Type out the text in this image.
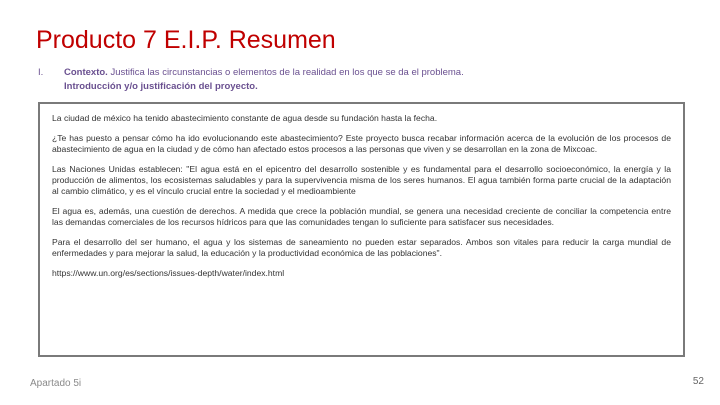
Producto 7 E.I.P. Resumen
I. Contexto. Justifica las circunstancias o elementos de la realidad en los que se da el problema.
Introducción y/o justificación del proyecto.

La ciudad de méxico ha tenido abastecimiento constante de agua desde su fundación hasta la fecha.

¿Te has puesto a pensar cómo ha ido evolucionando este abastecimiento? Este proyecto busca recabar información acerca de la evolución de los procesos de abastecimiento de agua en la ciudad y de cómo han afectado estos procesos a las personas que viven y se desarrollan en la zona de Mixcoac.

Las Naciones Unidas establecen: "El agua está en el epicentro del desarrollo sostenible y es fundamental para el desarrollo socioeconómico, la energía y la producción de alimentos, los ecosistemas saludables y para la supervivencia misma de los seres humanos. El agua también forma parte crucial de la adaptación al cambio climático, y es el vínculo crucial entre la sociedad y el medioambiente

El agua es, además, una cuestión de derechos. A medida que crece la población mundial, se genera una necesidad creciente de conciliar la competencia entre las demandas comerciales de los recursos hídricos para que las comunidades tengan lo suficiente para satisfacer sus necesidades.

Para el desarrollo del ser humano, el agua y los sistemas de saneamiento no pueden estar separados. Ambos son vitales para reducir la carga mundial de enfermedades y para mejorar la salud, la educación y la productividad económica de las poblaciones".

https://www.un.org/es/sections/issues-depth/water/index.html

Apartado 5i	52
